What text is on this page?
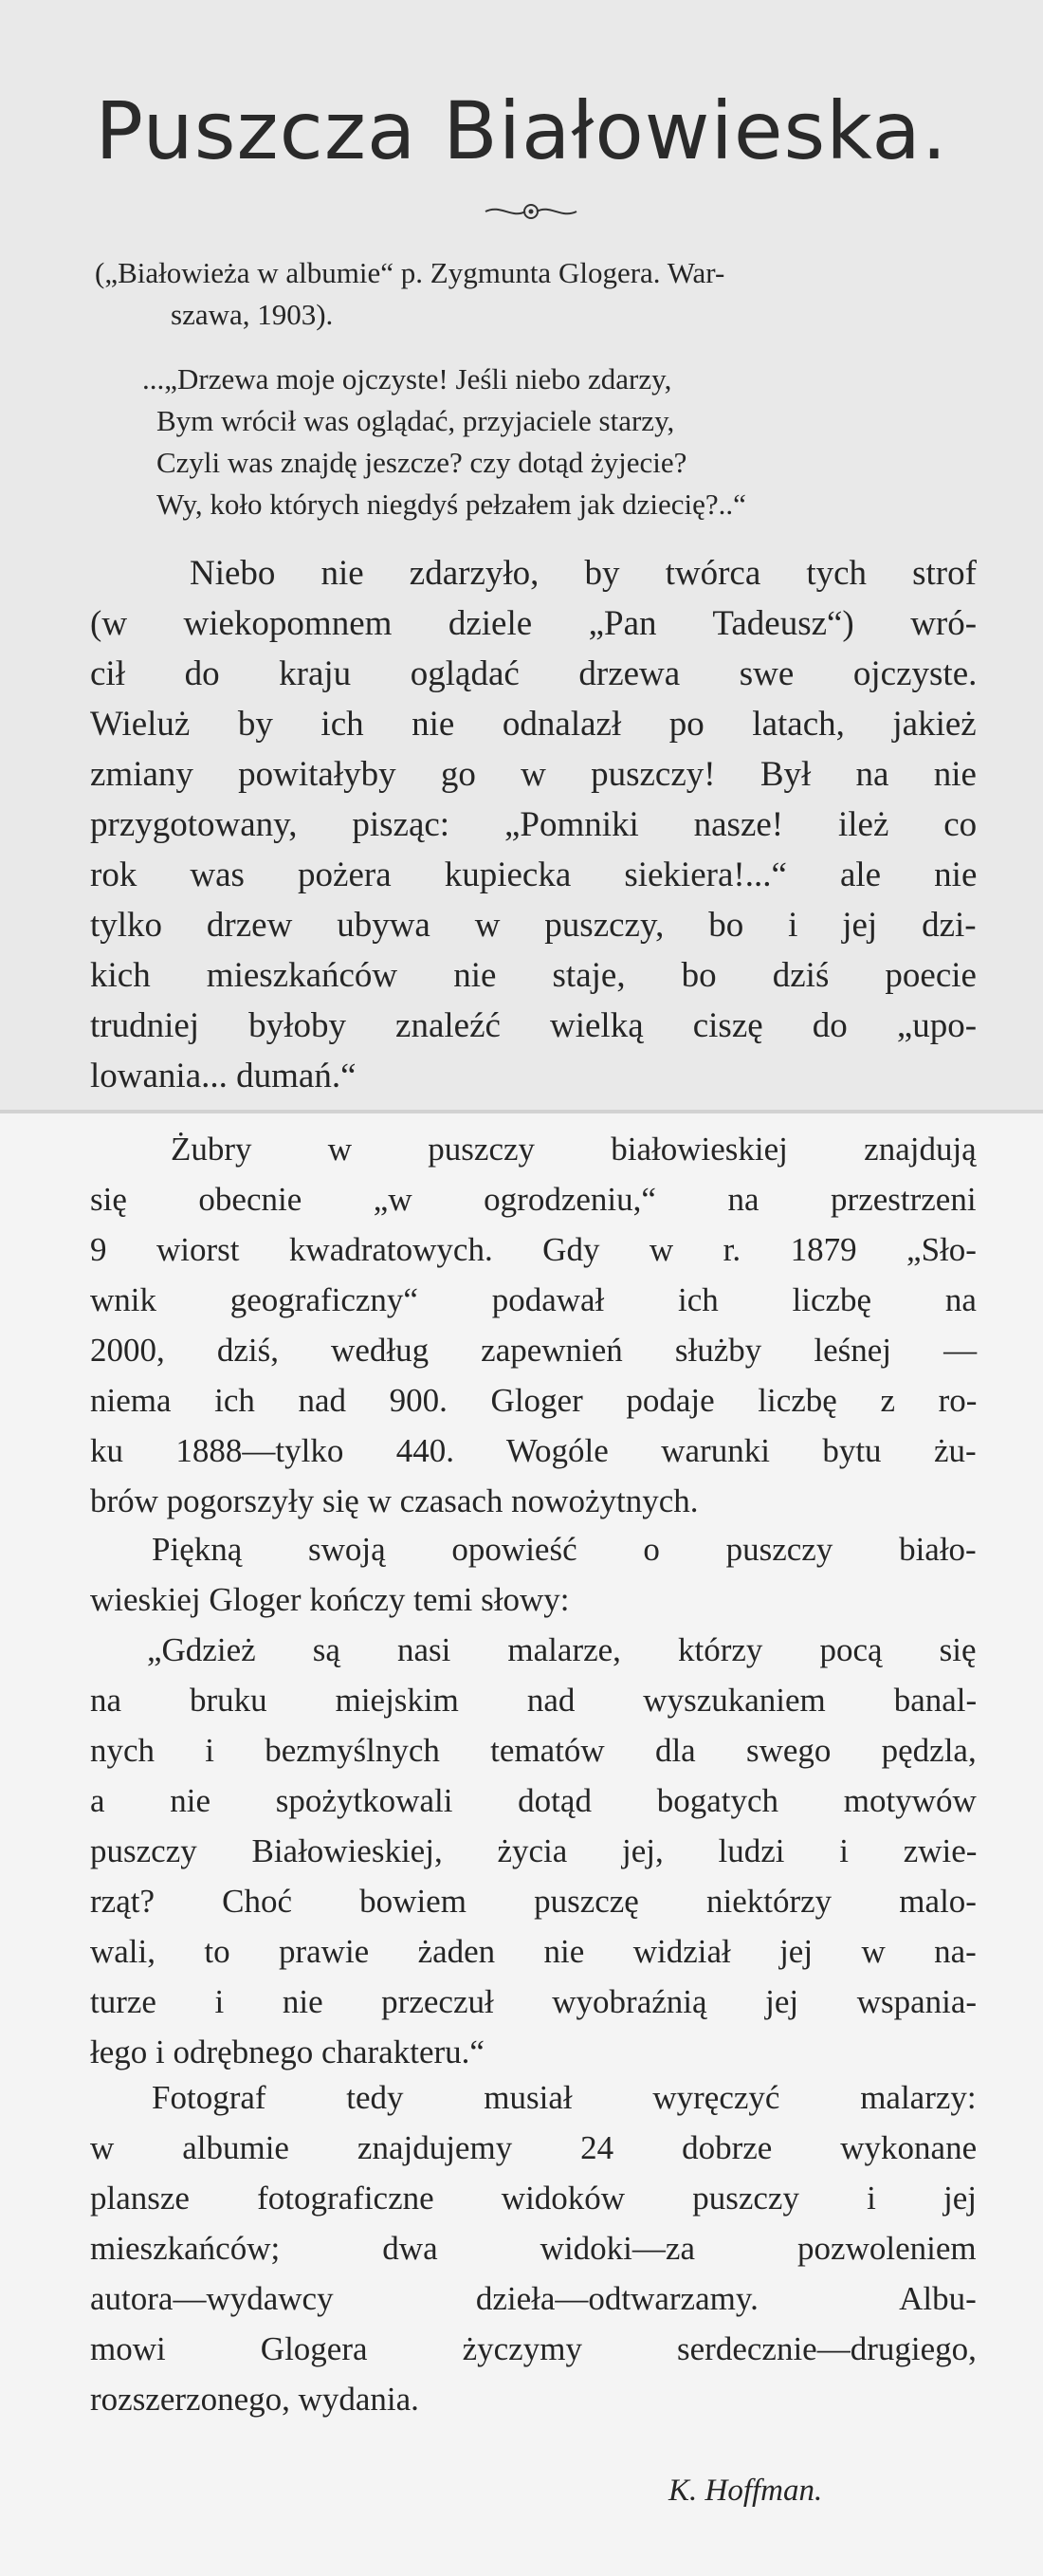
Puszcza Białowieska.
(„Białowieża w albumie“ p. Zygmunta Glogera. War-
szawa, 1903).
...„Drzewa moje ojczyste! Jeśli niebo zdarzy,
Bym wrócił was oglądać, przyjaciele starzy,
Czyli was znajdę jeszcze? czy dotąd żyjecie?
Wy, koło których niegdyś pełzałem jak dziecię?..“
Niebo nie zdarzyło, by twórca tych strof
(w wiekopomnem dziele „Pan Tadeusz“) wró-
cił do kraju oglądać drzewa swe ojczyste.
Wieluż by ich nie odnalazł po latach, jakież
zmiany powitałyby go w puszczy! Był na nie
przygotowany, pisząc: „Pomniki nasze! ileż co
rok was pożera kupiecka siekiera!...“ ale nie
tylko drzew ubywa w puszczy, bo i jej dzi-
kich mieszkańców nie staje, bo dziś poecie
trudniej byłoby znaleźć wielką ciszę do „upo-
lowania... dumań.“
Żubry w puszczy białowieskiej znajdują
się obecnie „w ogrodzeniu,“ na przestrzeni
9 wiorst kwadratowych. Gdy w r. 1879 „Sło-
wnik geograficzny“ podawał ich liczbę na
2000, dziś, według zapewnień służby leśnej —
niema ich nad 900. Gloger podaje liczbę z ro-
ku 1888—tylko 440. Wogóle warunki bytu żu-
brów pogorszyły się w czasach nowożytnych.
Piękną swoją opowieść o puszczy biało-
wieskiej Gloger kończy temi słowy:
„Gdzież są nasi malarze, którzy pocą się
na bruku miejskim nad wyszukaniem banal-
nych i bezmyślnych tematów dla swego pędzla,
a nie spożytkowali dotąd bogatych motywów
puszczy Białowieskiej, życia jej, ludzi i zwie-
rząt? Choć bowiem puszczę niektórzy malo-
wali, to prawie żaden nie widział jej w na-
turze i nie przeczuł wyobraźnią jej wspania-
łego i odrębnego charakteru.“
Fotograf tedy musiał wyręczyć malarzy:
w albumie znajdujemy 24 dobrze wykonane
plansze fotograficzne widoków puszczy i jej
mieszkańców; dwa widoki—za pozwoleniem
autora—wydawcy dzieła—odtwarzamy. Albu-
mowi Glogera życzymy serdecznie—drugiego,
rozszerzonego, wydania.
K. Hoffman.
